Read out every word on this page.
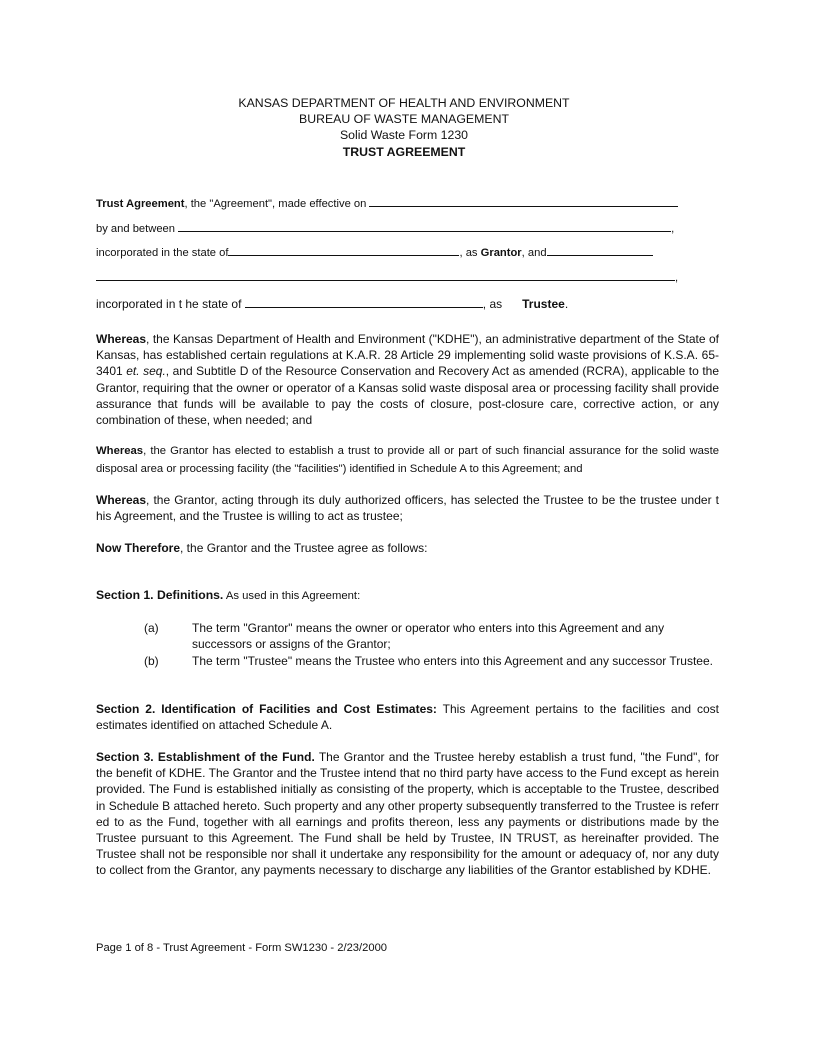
KANSAS DEPARTMENT OF HEALTH AND ENVIRONMENT
BUREAU OF WASTE MANAGEMENT
Solid Waste Form 1230
TRUST AGREEMENT
Trust Agreement, the "Agreement", made effective on
by and between	,
incorporated in the state of	, as Grantor, and
,
incorporated in t he state of	, as Trustee.
Whereas, the Kansas Department of Health and Environment ("KDHE"), an administrative department of the State of Kansas, has established certain regulations at K.A.R. 28 Article 29 implementing solid waste provisions of K.S.A. 65-3401 et. seq., and Subtitle D of the Resource Conservation and Recovery Act as amended (RCRA), applicable to the Grantor, requiring that the owner or operator of a Kansas solid waste disposal area or processing facility shall provide assurance that funds will be available to pay the costs of closure, post-closure care, corrective action, or any combination of these, when needed; and
Whereas, the Grantor has elected to establish a trust to provide all or part of such financial assurance for the solid waste disposal area or processing facility (the "facilities") identified in Schedule A to this Agreement; and
Whereas, the Grantor, acting through its duly authorized officers, has selected the Trustee to be the trustee under t his Agreement, and the Trustee is willing to act as trustee;
Now Therefore, the Grantor and the Trustee agree as follows:
Section 1. Definitions. As used in this Agreement:
(a)	The term "Grantor" means the owner or operator who enters into this Agreement and any successors or assigns of the Grantor;
(b)	The term "Trustee" means the Trustee who enters into this Agreement and any successor Trustee.
Section 2. Identification of Facilities and Cost Estimates: This Agreement pertains to the facilities and cost estimates identified on attached Schedule A.
Section 3. Establishment of the Fund. The Grantor and the Trustee hereby establish a trust fund, "the Fund", for the benefit of KDHE. The Grantor and the Trustee intend that no third party have access to the Fund except as herein provided. The Fund is established initially as consisting of the property, which is acceptable to the Trustee, described in Schedule B attached hereto. Such property and any other property subsequently transferred to the Trustee is referr ed to as the Fund, together with all earnings and profits thereon, less any payments or distributions made by the Trustee pursuant to this Agreement. The Fund shall be held by Trustee, IN TRUST, as hereinafter provided. The Trustee shall not be responsible nor shall it undertake any responsibility for the amount or adequacy of, nor any duty to collect from the Grantor, any payments necessary to discharge any liabilities of the Grantor established by KDHE.
Page 1 of 8 - Trust Agreement - Form SW1230 - 2/23/2000
